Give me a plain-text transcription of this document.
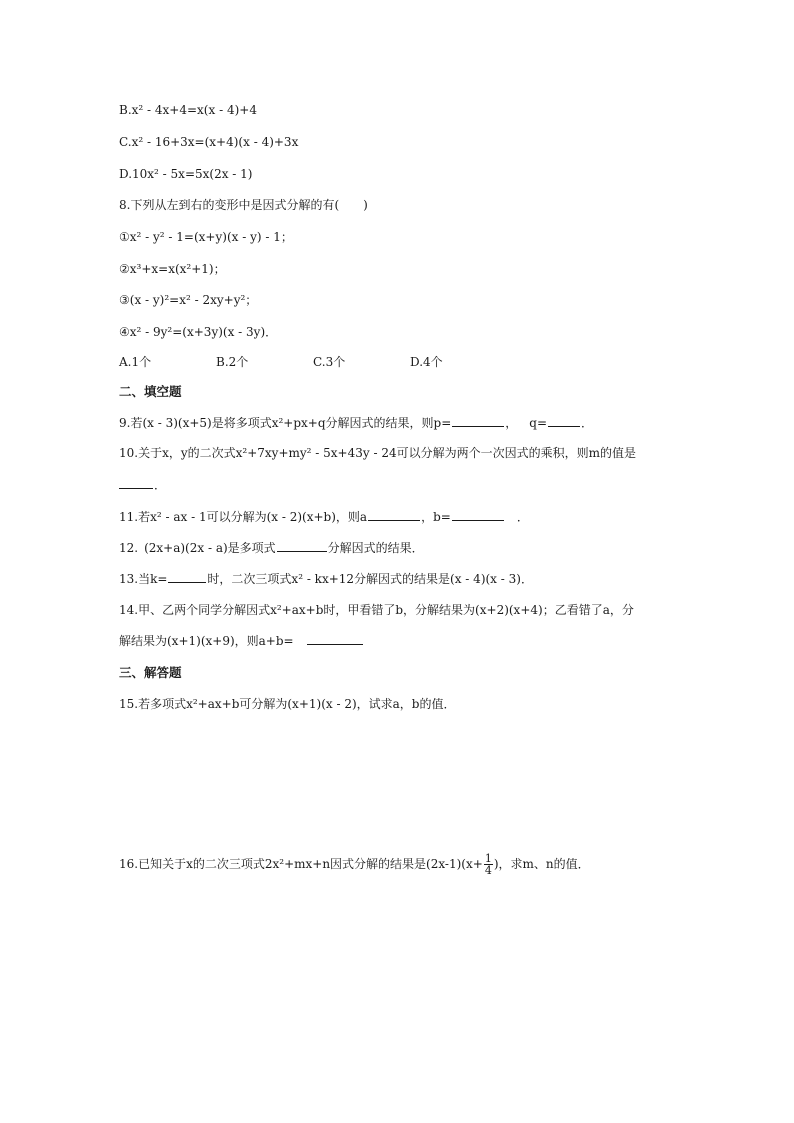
B.x² - 4x+4=x(x - 4)+4
C.x² - 16+3x=(x+4)(x - 4)+3x
D.10x² - 5x=5x(2x - 1)
8.下列从左到右的变形中是因式分解的有(　　)
①x² - y² - 1=(x+y)(x - y) - 1；
②x³+x=x(x²+1)；
③(x - y)²=x² - 2xy+y²；
④x² - 9y²=(x+3y)(x - 3y)．
A.1个	B.2个	C.3个	D.4个
二、填空题
9.若(x - 3)(x+5)是将多项式x²+px+q分解因式的结果，则p=	， q=	．
10.关于x，y的二次式x²+7xy+my² - 5x+43y - 24可以分解为两个一次因式的乘积，则m的值是
．
11.若x² - ax - 1可以分解为(x - 2)(x+b)，则a	，b=	．
12. (2x+a)(2x - a)是多项式	分解因式的结果．
13.当k=	时，二次三项式x² - kx+12分解因式的结果是(x - 4)(x - 3)．
14.甲、乙两个同学分解因式x²+ax+b时，甲看错了b，分解结果为(x+2)(x+4)；乙看错了a，分
解结果为(x+1)(x+9)，则a+b= 
三、解答题
15.若多项式x²+ax+b可分解为(x+1)(x - 2)，试求a，b的值．
16.已知关于x的二次三项式2x²+mx+n因式分解的结果是$(2x-1)(x+ \frac{1}{4}$ )，求m、n的值．
